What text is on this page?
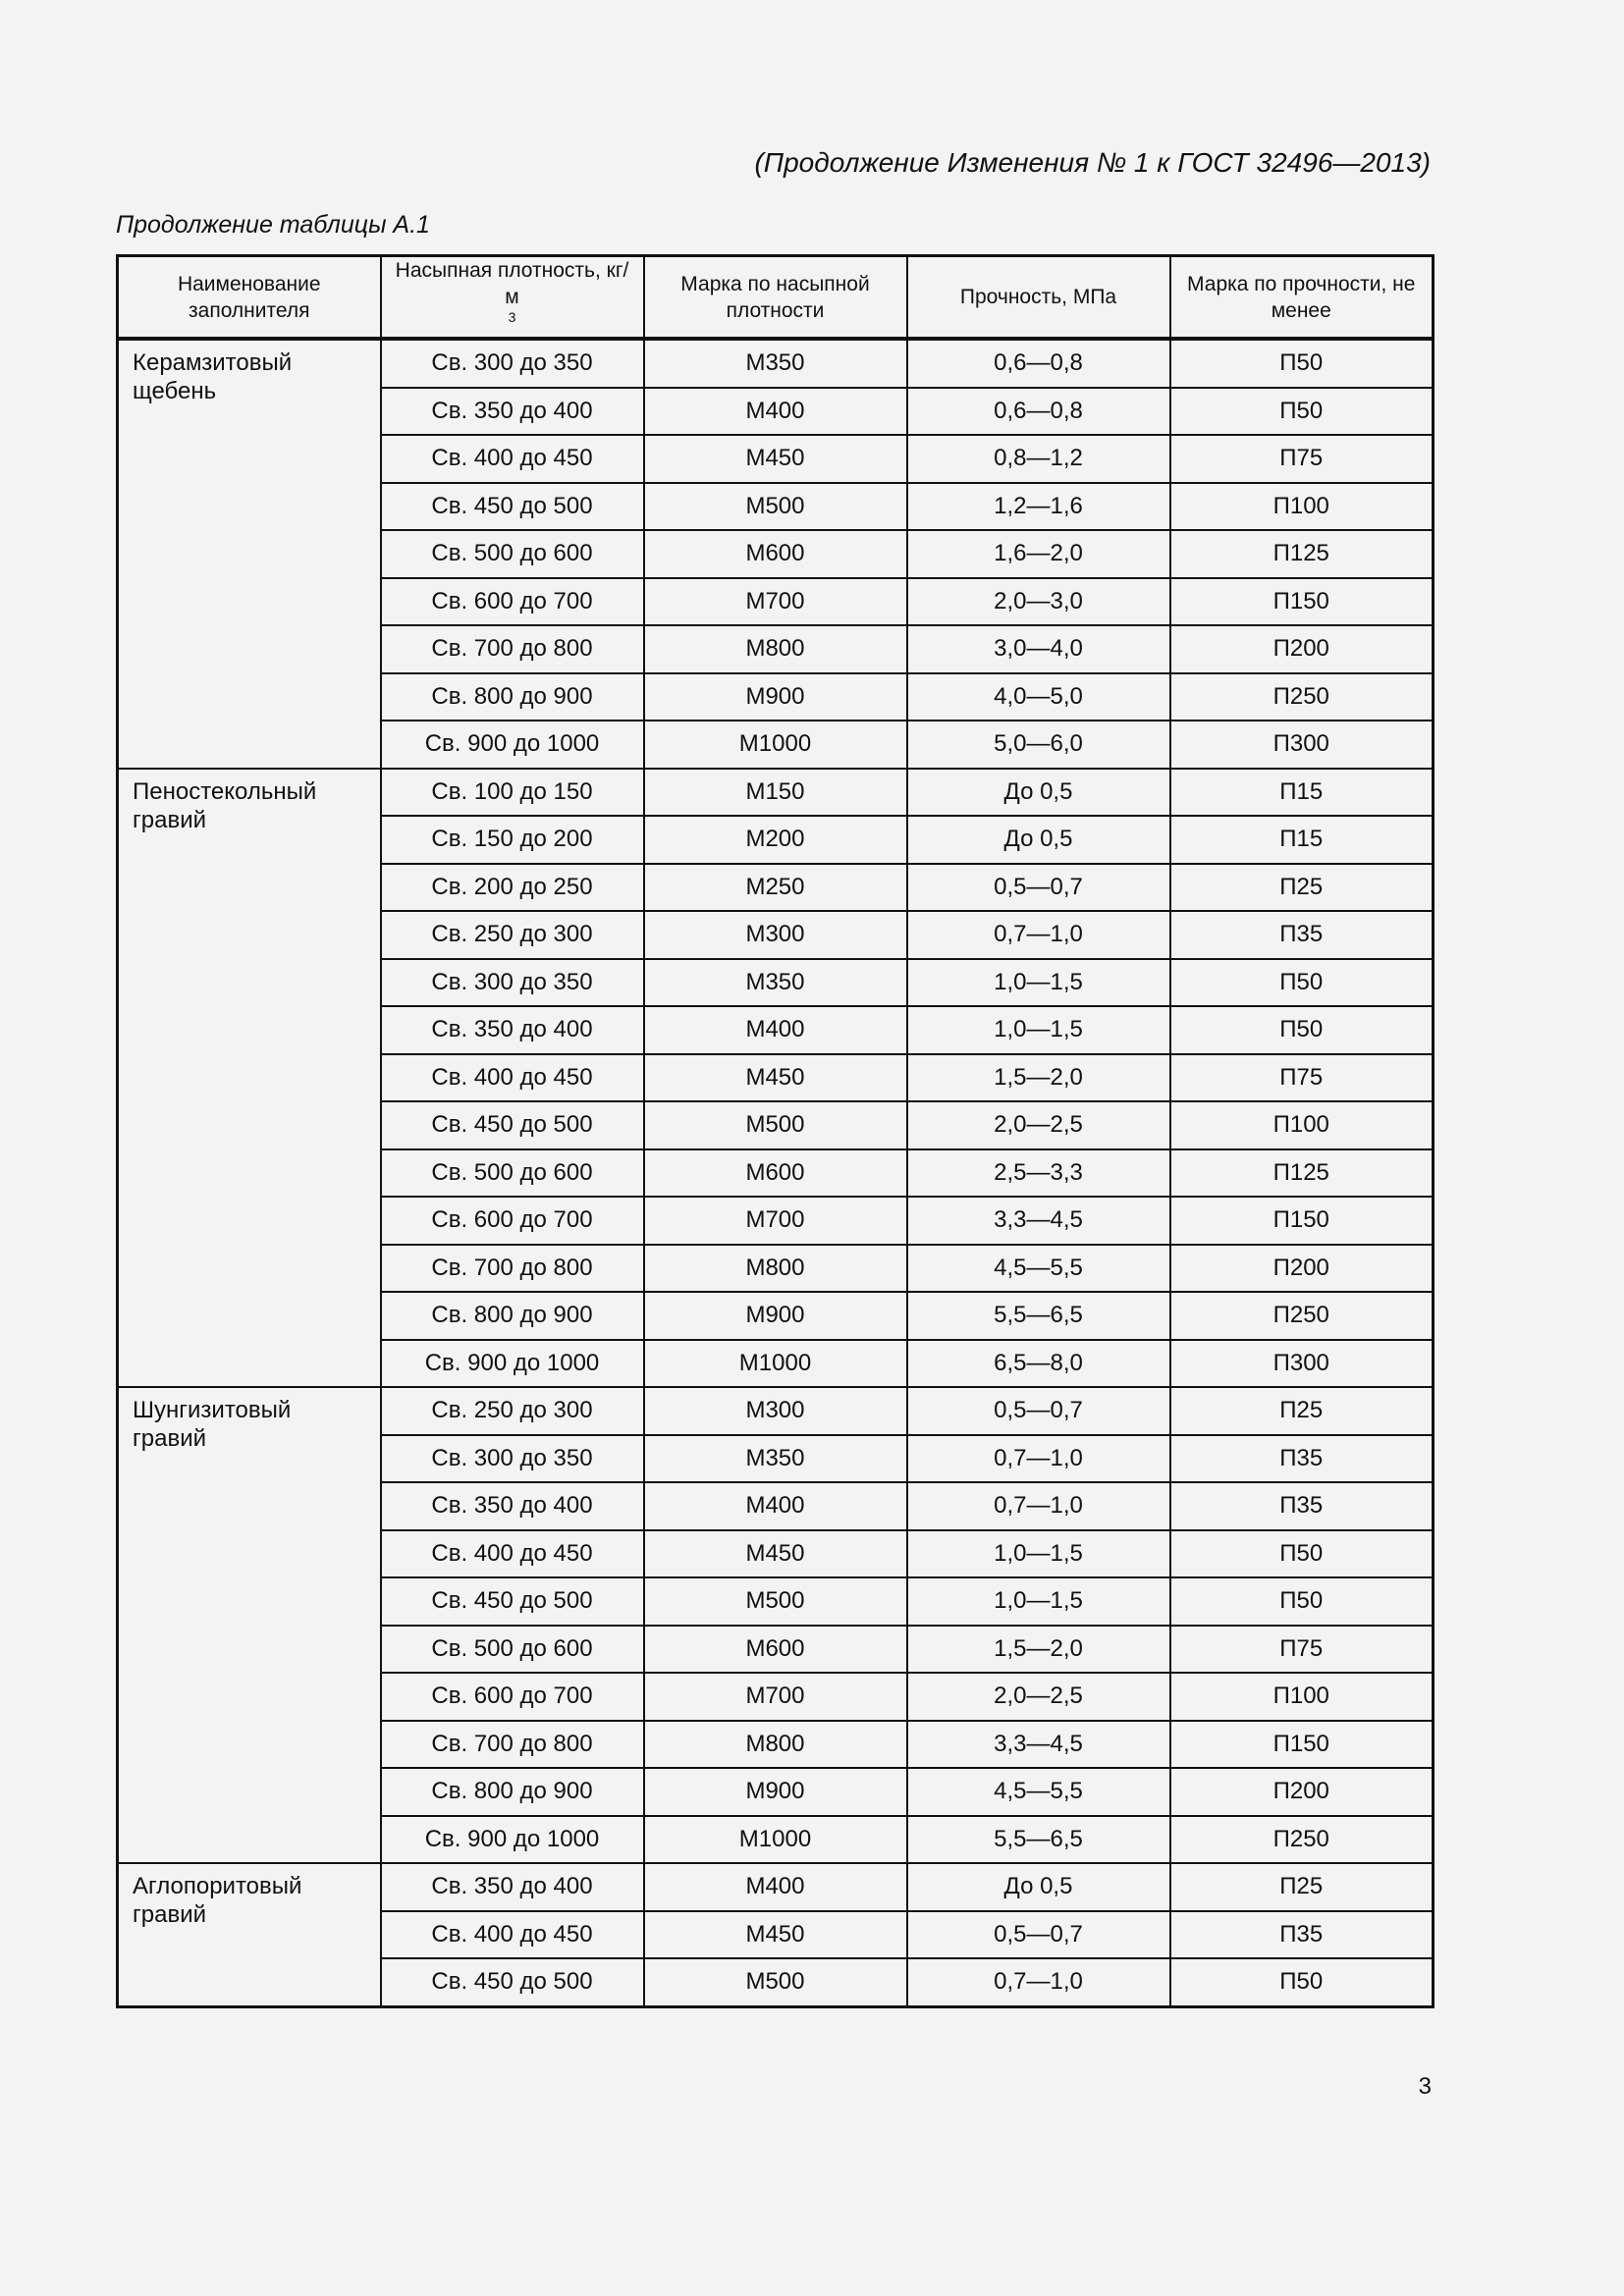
(Продолжение Изменения № 1 к ГОСТ 32496—2013)
Продолжение таблицы А.1
Наименование заполнителя	Насыпная плотность, $кг/м^3$	Марка по насыпной плотности	Прочность, МПа	Марка по прочности, не менее
Керамзитовый щебень	Св. 300 до 350	М350	0,6—0,8	П50
	Св. 350 до 400	М400	0,6—0,8	П50
	Св. 400 до 450	М450	0,8—1,2	П75
	Св. 450 до 500	М500	1,2—1,6	П100
	Св. 500 до 600	М600	1,6—2,0	П125
	Св. 600 до 700	М700	2,0—3,0	П150
	Св. 700 до 800	М800	3,0—4,0	П200
	Св. 800 до 900	М900	4,0—5,0	П250
	Св. 900 до 1000	М1000	5,0—6,0	П300
Пеностекольный гравий	Св. 100 до 150	М150	До 0,5	П15
	Св. 150 до 200	М200	До 0,5	П15
	Св. 200 до 250	М250	0,5—0,7	П25
	Св. 250 до 300	М300	0,7—1,0	П35
	Св. 300 до 350	М350	1,0—1,5	П50
	Св. 350 до 400	М400	1,0—1,5	П50
	Св. 400 до 450	М450	1,5—2,0	П75
	Св. 450 до 500	М500	2,0—2,5	П100
	Св. 500 до 600	М600	2,5—3,3	П125
	Св. 600 до 700	М700	3,3—4,5	П150
	Св. 700 до 800	М800	4,5—5,5	П200
	Св. 800 до 900	М900	5,5—6,5	П250
	Св. 900 до 1000	М1000	6,5—8,0	П300
Шунгизитовый гравий	Св. 250 до 300	М300	0,5—0,7	П25
	Св. 300 до 350	М350	0,7—1,0	П35
	Св. 350 до 400	М400	0,7—1,0	П35
	Св. 400 до 450	М450	1,0—1,5	П50
	Св. 450 до 500	М500	1,0—1,5	П50
	Св. 500 до 600	М600	1,5—2,0	П75
	Св. 600 до 700	М700	2,0—2,5	П100
	Св. 700 до 800	М800	3,3—4,5	П150
	Св. 800 до 900	М900	4,5—5,5	П200
	Св. 900 до 1000	М1000	5,5—6,5	П250
Аглопоритовый гравий	Св. 350 до 400	М400	До 0,5	П25
	Св. 400 до 450	М450	0,5—0,7	П35
	Св. 450 до 500	М500	0,7—1,0	П50
3
